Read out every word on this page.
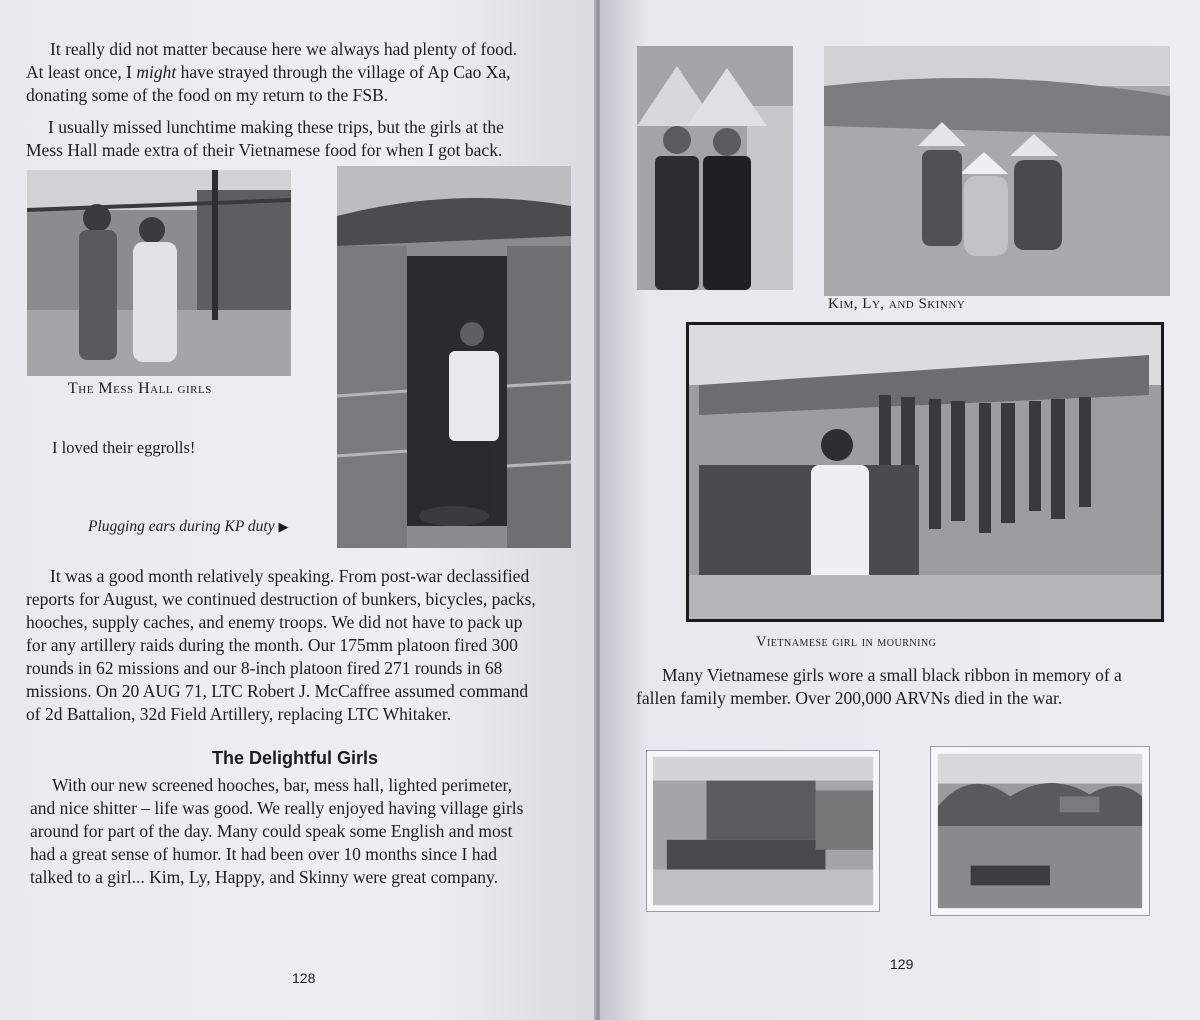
It really did not matter because here we always had plenty of food.
At least once, I might have strayed through the village of Ap Cao Xa,
donating some of the food on my return to the FSB.
I usually missed lunchtime making these trips, but the girls at the
Mess Hall made extra of their Vietnamese food for when I got back.
The Mess Hall girls
I loved their eggrolls!
Plugging ears during KP duty ▶
It was a good month relatively speaking. From post-war declassified
reports for August, we continued destruction of bunkers, bicycles, packs,
hooches, supply caches, and enemy troops. We did not have to pack up
for any artillery raids during the month. Our 175mm platoon fired 300
rounds in 62 missions and our 8-inch platoon fired 271 rounds in 68
missions. On 20 AUG 71, LTC Robert J. McCaffree assumed command
of 2d Battalion, 32d Field Artillery, replacing LTC Whitaker.
The Delightful Girls
With our new screened hooches, bar, mess hall, lighted perimeter,
and nice shitter – life was good. We really enjoyed having village girls
around for part of the day. Many could speak some English and most
had a great sense of humor. It had been over 10 months since I had
talked to a girl... Kim, Ly, Happy, and Skinny were great company.
128
Kim, Ly, and Skinny
Vietnamese girl in mourning
Many Vietnamese girls wore a small black ribbon in memory of a
fallen family member. Over 200,000 ARVNs died in the war.
129
